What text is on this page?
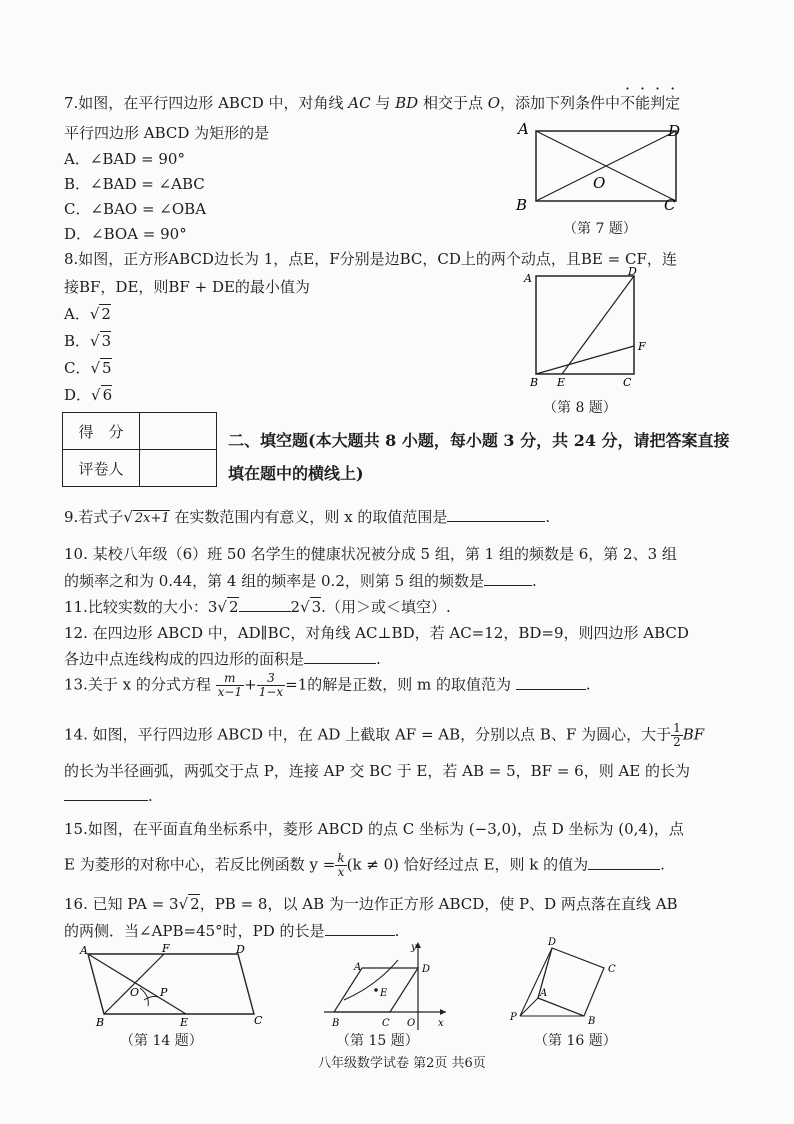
7.如图，在平行四边形 ABCD 中，对角线 AC 与 BD 相交于点 O，添加下列条件中不能判定
平行四边形 ABCD 为矩形的是
A．∠BAD = 90°
B．∠BAD = ∠ABC
C．∠BAO = ∠OBA
D．∠BOA = 90°
A	D
B	C
O
（第 7 题）
8.如图，正方形ABCD边长为 1，点E，F分别是边BC，CD上的两个动点，且BE = CF，连
接BF，DE，则BF + DE的最小值为
A．√ 2
B．√ 3
C．√ 5
D．√ 6
A
D
F
B E	C
（第 8 题）
得　分	
评卷人	
二、填空题(本大题共 8 小题，每小题 3 分，共 24 分，请把答案直接
填在题中的横线上)
9.若式子√ 2x+1 在实数范围内有意义，则 x 的取值范围是	.
10. 某校八年级（6）班 50 名学生的健康状况被分成 5 组，第 1 组的频数是 6，第 2、3 组
的频率之和为 0.44，第 4 组的频率是 0.2，则第 5 组的频数是	.
11.比较实数的大小：3√ 2	2√ 3.（用＞或＜填空）.
12. 在四边形 ABCD 中，AD∥BC，对角线 AC⊥BD，若 AC=12，BD=9，则四边形 ABCD
各边中点连线构成的四边形的面积是	.
13.关于 x 的分式方程 $\frac{m}{x-1} + \frac{3}{1-x} =1$的解是正数，则 m 的取值范为	.
14. 如图，平行四边形 ABCD 中，在 AD 上截取 AF = AB，分别以点 B、F 为圆心，大于 $\frac{1}{2}$ BF
的长为半径画弧，两弧交于点 P，连接 AP 交 BC 于 E，若 AB = 5，BF = 6，则 AE 的长为
.
15.如图，在平面直角坐标系中，菱形 ABCD 的点 C 坐标为 (−3,0)，点 D 坐标为 (0,4)，点
E 为菱形的对称中心，若反比例函数 $y = \frac{k}{x} (k \ne 0)$ 恰好经过点 E，则 k 的值为	.
16. 已知 PA = 3√ 2，PB = 8，以 AB 为一边作正方形 ABCD，使 P、D 两点落在直线 AB
的两侧．当∠APB=45°时，PD 的长是	.
A	F	D
O P
B	E	C
（第 14 题）
y
A	D
E
B	C O x
（第 15 题）
D
C
A
P	B
（第 16 题）
八年级数学试卷 第2页 共6页
